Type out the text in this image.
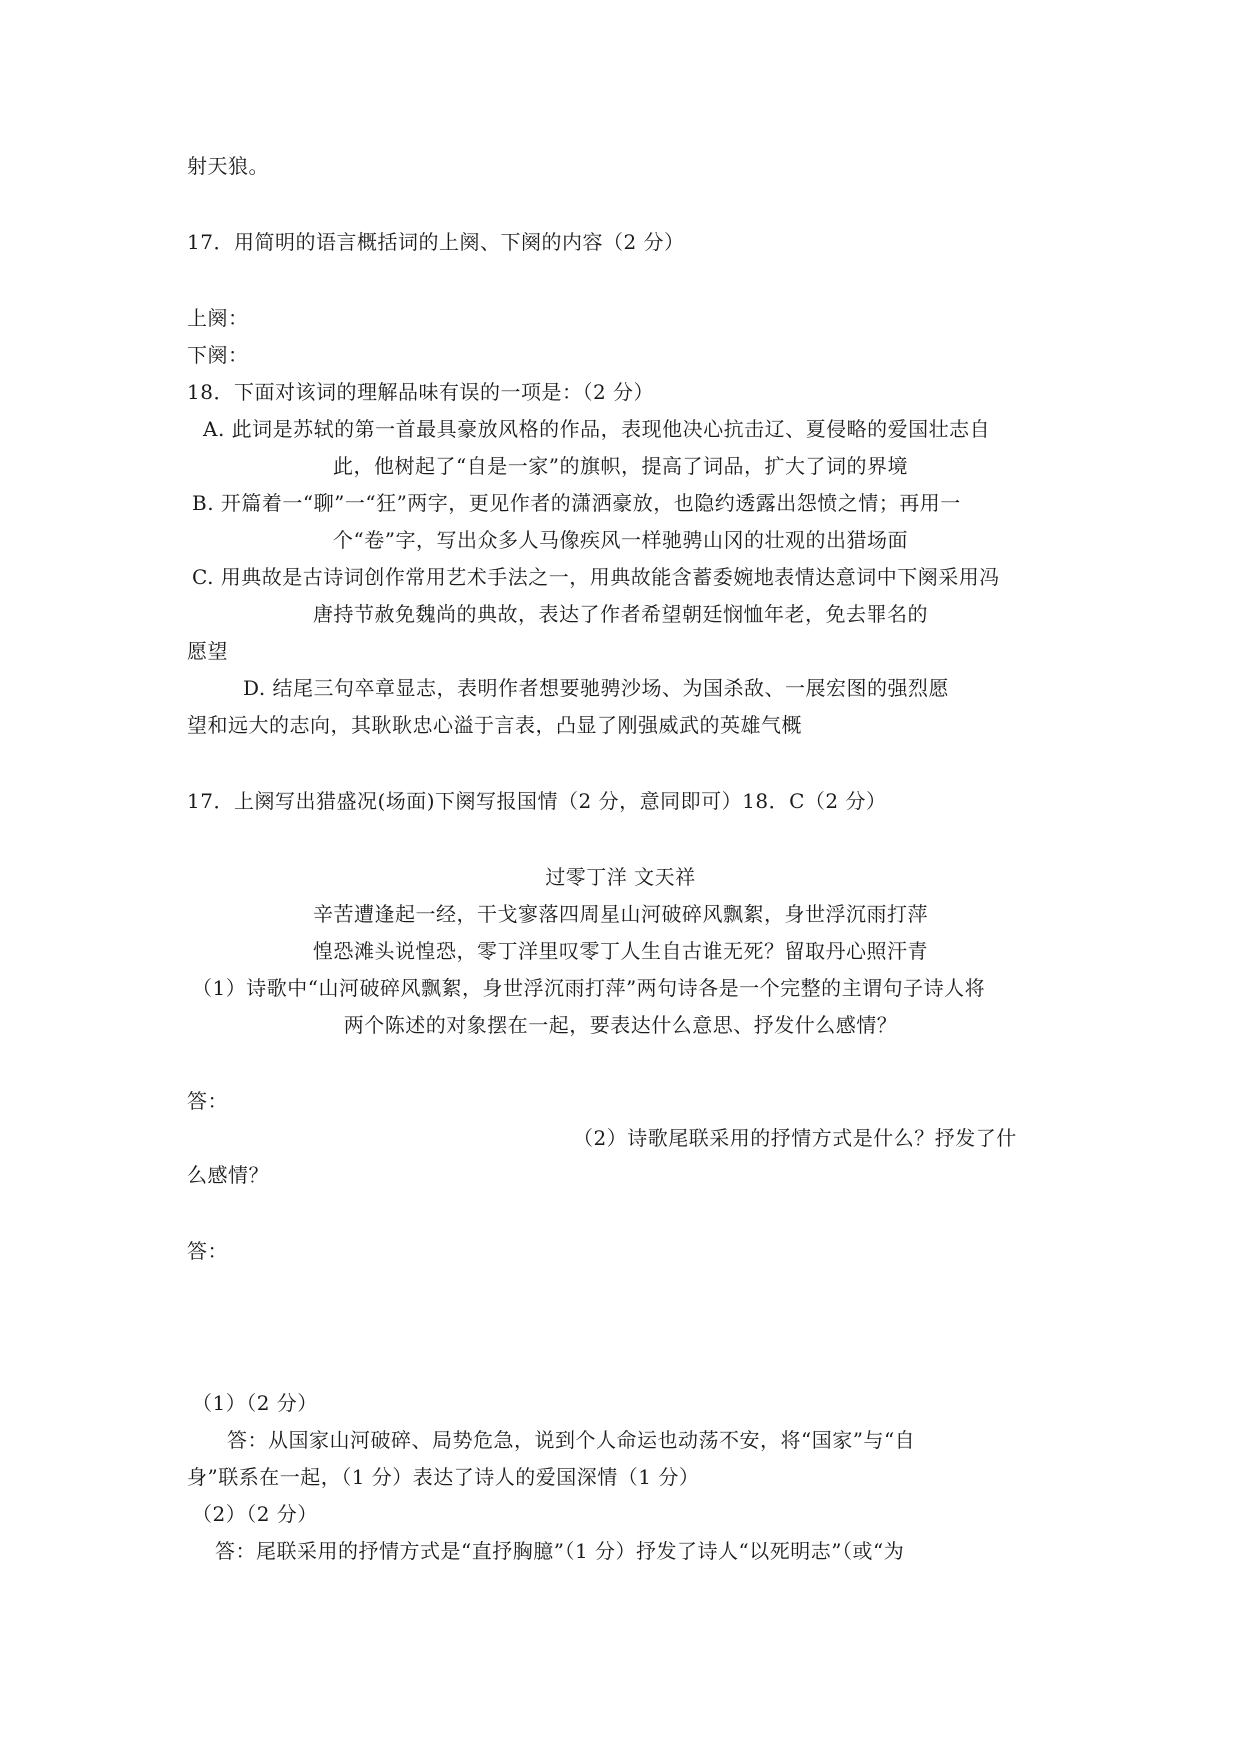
射天狼。
17．用简明的语言概括词的上阕、下阕的内容（2 分）
上阕：
下阕：
18．下面对该词的理解品味有误的一项是：（2 分）
A. 此词是苏轼的第一首最具豪放风格的作品，表现他决心抗击辽、夏侵略的爱国壮志自
此，他树起了“自是一家”的旗帜，提高了词品，扩大了词的界境
B. 开篇着一“聊”一“狂”两字，更见作者的潇洒豪放，也隐约透露出怨愤之情；再用一
个“卷”字，写出众多人马像疾风一样驰骋山冈的壮观的出猎场面
C. 用典故是古诗词创作常用艺术手法之一，用典故能含蓄委婉地表情达意词中下阕采用冯
唐持节赦免魏尚的典故，表达了作者希望朝廷悯恤年老，免去罪名的
愿望
D. 结尾三句卒章显志，表明作者想要驰骋沙场、为国杀敌、一展宏图的强烈愿
望和远大的志向，其耿耿忠心溢于言表，凸显了刚强威武的英雄气概
17．上阕写出猎盛况(场面)下阕写报国情（2 分，意同即可）18．C（2 分）
过零丁洋 文天祥
辛苦遭逢起一经，干戈寥落四周星山河破碎风飘絮，身世浮沉雨打萍
惶恐滩头说惶恐，零丁洋里叹零丁人生自古谁无死？留取丹心照汗青
（1）诗歌中“山河破碎风飘絮，身世浮沉雨打萍”两句诗各是一个完整的主谓句子诗人将
两个陈述的对象摆在一起，要表达什么意思、抒发什么感情？
答：
（2）诗歌尾联采用的抒情方式是什么？抒发了什
么感情？
答：
（1）（2 分）
答：从国家山河破碎、局势危急，说到个人命运也动荡不安，将“国家”与“自
身”联系在一起，（1 分）表达了诗人的爱国深情（1 分）
（2）（2 分）
答：尾联采用的抒情方式是“直抒胸臆”（1 分）抒发了诗人“以死明志”（或“为
